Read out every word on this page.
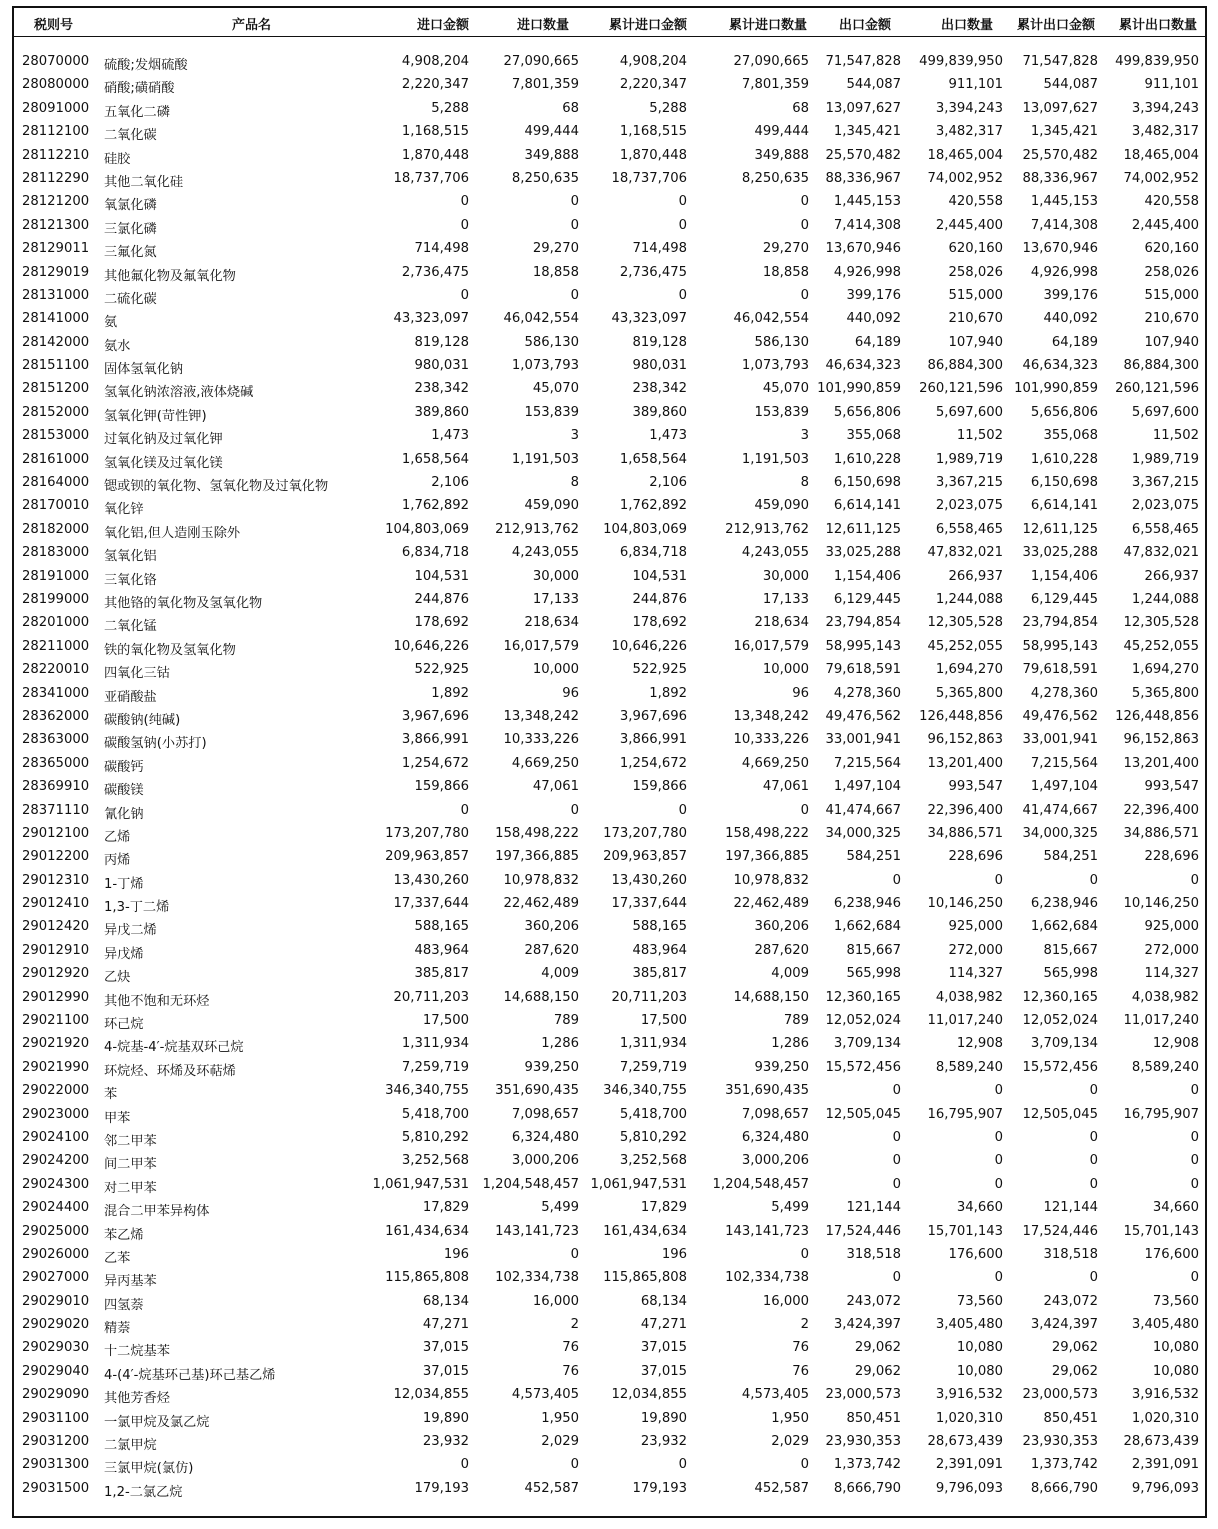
税则号	产品名	进口金额	进口数量	累计进口金额	累计进口数量 出口金额	出口数量 累计出口金额 累计出口数量
28070000 硫酸;发烟硫酸	4,908,204	27,090,665	4,908,204	27,090,665 71,547,828 499,839,950 71,547,828 499,839,950
28080000 硝酸;磺硝酸	2,220,347	7,801,359	2,220,347	7,801,359	544,087	911,101	544,087	911,101
28091000 五氧化二磷	5,288	68	5,288	68 13,097,627	3,394,243 13,097,627	3,394,243
28112100 二氧化碳	1,168,515	499,444	1,168,515	499,444 1,345,421	3,482,317 1,345,421	3,482,317
28112210 硅胶	1,870,448	349,888	1,870,448	349,888 25,570,482 18,465,004 25,570,482 18,465,004
28112290 其他二氧化硅	18,737,706	8,250,635 18,737,706	8,250,635 88,336,967 74,002,952 88,336,967 74,002,952
28121200 氧氯化磷	0	0	0	0 1,445,153	420,558 1,445,153	420,558
28121300 三氯化磷	0	0	0	0 7,414,308	2,445,400 7,414,308	2,445,400
28129011 三氟化氮	714,498	29,270	714,498	29,270 13,670,946	620,160 13,670,946	620,160
28129019 其他氟化物及氟氧化物	2,736,475	18,858	2,736,475	18,858 4,926,998	258,026 4,926,998	258,026
28131000 二硫化碳	0	0	0	0	399,176	515,000	399,176	515,000
28141000 氨	43,323,097	46,042,554 43,323,097	46,042,554	440,092	210,670	440,092	210,670
28142000 氨水	819,128	586,130	819,128	586,130	64,189	107,940	64,189	107,940
28151100 固体氢氧化钠	980,031	1,073,793	980,031	1,073,793 46,634,323 86,884,300 46,634,323 86,884,300
28151200 氢氧化钠浓溶液,液体烧碱	238,342	45,070	238,342	45,070 101,990,859 260,121,596 101,990,859 260,121,596
28152000 氢氧化钾(苛性钾)	389,860	153,839	389,860	153,839 5,656,806	5,697,600 5,656,806	5,697,600
28153000 过氧化钠及过氧化钾	1,473	3	1,473	3	355,068	11,502	355,068	11,502
28161000 氢氧化镁及过氧化镁	1,658,564	1,191,503	1,658,564	1,191,503 1,610,228	1,989,719 1,610,228	1,989,719
28164000 锶或钡的氧化物、氢氧化物及过氧化物	2,106	8	2,106	8 6,150,698	3,367,215 6,150,698	3,367,215
28170010 氧化锌	1,762,892	459,090	1,762,892	459,090 6,614,141	2,023,075 6,614,141	2,023,075
28182000 氧化铝,但人造刚玉除外	104,803,069 212,913,762 104,803,069	212,913,762 12,611,125	6,558,465 12,611,125	6,558,465
28183000 氢氧化铝	6,834,718	4,243,055	6,834,718	4,243,055 33,025,288 47,832,021 33,025,288 47,832,021
28191000 三氧化铬	104,531	30,000	104,531	30,000 1,154,406	266,937 1,154,406	266,937
28199000 其他铬的氧化物及氢氧化物	244,876	17,133	244,876	17,133 6,129,445	1,244,088 6,129,445	1,244,088
28201000 二氧化锰	178,692	218,634	178,692	218,634 23,794,854 12,305,528 23,794,854 12,305,528
28211000 铁的氧化物及氢氧化物	10,646,226	16,017,579 10,646,226	16,017,579 58,995,143 45,252,055 58,995,143 45,252,055
28220010 四氧化三钴	522,925	10,000	522,925	10,000 79,618,591	1,694,270 79,618,591	1,694,270
28341000 亚硝酸盐	1,892	96	1,892	96 4,278,360	5,365,800 4,278,360	5,365,800
28362000 碳酸钠(纯碱)	3,967,696	13,348,242	3,967,696	13,348,242 49,476,562 126,448,856 49,476,562 126,448,856
28363000 碳酸氢钠(小苏打)	3,866,991	10,333,226	3,866,991	10,333,226 33,001,941 96,152,863 33,001,941 96,152,863
28365000 碳酸钙	1,254,672	4,669,250	1,254,672	4,669,250 7,215,564 13,201,400 7,215,564 13,201,400
28369910 碳酸镁	159,866	47,061	159,866	47,061 1,497,104	993,547 1,497,104	993,547
28371110 氰化钠	0	0	0	0 41,474,667 22,396,400 41,474,667 22,396,400
29012100 乙烯	173,207,780 158,498,222 173,207,780	158,498,222 34,000,325 34,886,571 34,000,325 34,886,571
29012200 丙烯	209,963,857 197,366,885 209,963,857	197,366,885	584,251	228,696	584,251	228,696
29012310 1-丁烯	13,430,260	10,978,832 13,430,260	10,978,832	0	0	0	0
29012410 1,3-丁二烯	17,337,644	22,462,489 17,337,644	22,462,489 6,238,946 10,146,250 6,238,946 10,146,250
29012420 异戊二烯	588,165	360,206	588,165	360,206 1,662,684	925,000 1,662,684	925,000
29012910 异戊烯	483,964	287,620	483,964	287,620	815,667	272,000	815,667	272,000
29012920 乙炔	385,817	4,009	385,817	4,009	565,998	114,327	565,998	114,327
29012990 其他不饱和无环烃	20,711,203	14,688,150 20,711,203	14,688,150 12,360,165	4,038,982 12,360,165	4,038,982
29021100 环己烷	17,500	789	17,500	789 12,052,024 11,017,240 12,052,024 11,017,240
29021920 4-烷基-4′-烷基双环己烷	1,311,934	1,286	1,311,934	1,286 3,709,134	12,908 3,709,134	12,908
29021990 环烷烃、环烯及环萜烯	7,259,719	939,250	7,259,719	939,250 15,572,456	8,589,240 15,572,456	8,589,240
29022000 苯	346,340,755 351,690,435 346,340,755	351,690,435	0	0	0	0
29023000 甲苯	5,418,700	7,098,657	5,418,700	7,098,657 12,505,045 16,795,907 12,505,045 16,795,907
29024100 邻二甲苯	5,810,292	6,324,480	5,810,292	6,324,480	0	0	0	0
29024200 间二甲苯	3,252,568	3,000,206	3,252,568	3,000,206	0	0	0	0
29024300 对二甲苯	1,061,947,531 1,204,548,457 1,061,947,531 1,204,548,457	0	0	0	0
29024400 混合二甲苯异构体	17,829	5,499	17,829	5,499	121,144	34,660	121,144	34,660
29025000 苯乙烯	161,434,634 143,141,723 161,434,634	143,141,723 17,524,446 15,701,143 17,524,446 15,701,143
29026000 乙苯	196	0	196	0	318,518	176,600	318,518	176,600
29027000 异丙基苯	115,865,808 102,334,738 115,865,808	102,334,738	0	0	0	0
29029010 四氢萘	68,134	16,000	68,134	16,000	243,072	73,560	243,072	73,560
29029020 精萘	47,271	2	47,271	2 3,424,397	3,405,480 3,424,397	3,405,480
29029030 十二烷基苯	37,015	76	37,015	76	29,062	10,080	29,062	10,080
29029040 4-(4′-烷基环己基)环己基乙烯	37,015	76	37,015	76	29,062	10,080	29,062	10,080
29029090 其他芳香烃	12,034,855	4,573,405 12,034,855	4,573,405 23,000,573	3,916,532 23,000,573	3,916,532
29031100 一氯甲烷及氯乙烷	19,890	1,950	19,890	1,950	850,451	1,020,310	850,451	1,020,310
29031200 二氯甲烷	23,932	2,029	23,932	2,029 23,930,353 28,673,439 23,930,353 28,673,439
29031300 三氯甲烷(氯仿)	0	0	0	0 1,373,742	2,391,091 1,373,742	2,391,091
29031500 1,2-二氯乙烷	179,193	452,587	179,193	452,587 8,666,790	9,796,093 8,666,790	9,796,093
